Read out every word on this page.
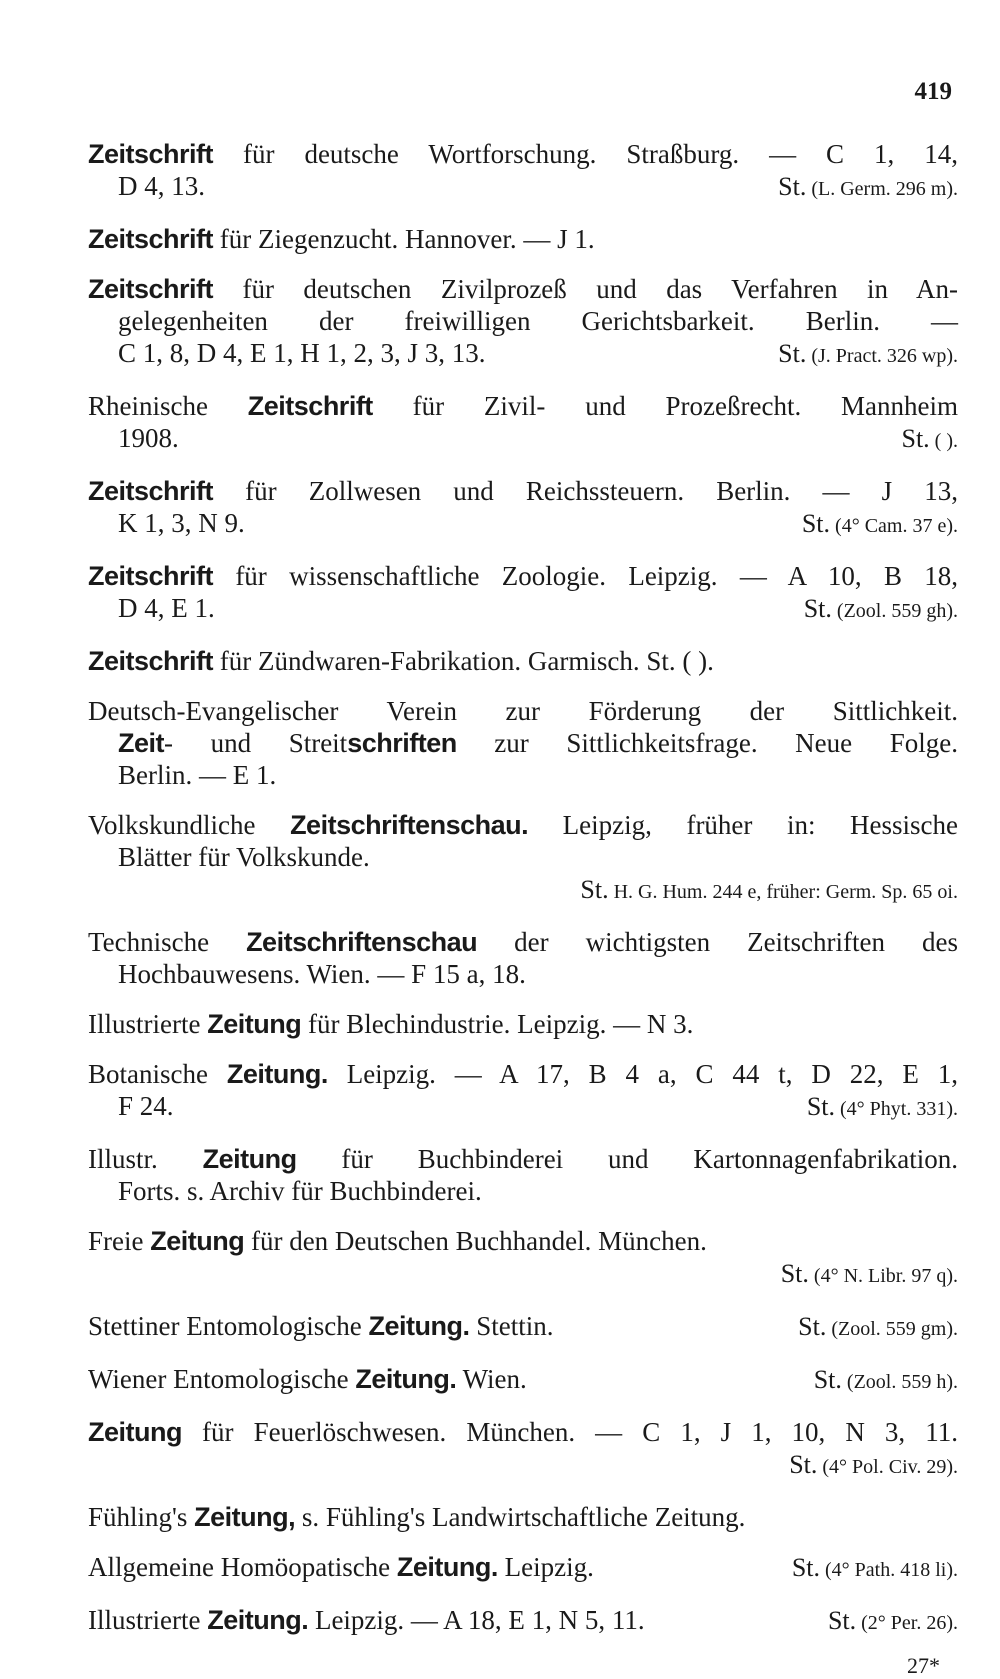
419
Zeitschrift für deutsche Wortforschung. Straßburg. — C 1, 14,
D 4, 13.	St. (L. Germ. 296 m).
Zeitschrift für Ziegenzucht. Hannover. — J 1.
Zeitschrift für deutschen Zivilprozeß und das Verfahren in An-
gelegenheiten der freiwilligen Gerichtsbarkeit. Berlin. —
C 1, 8, D 4, E 1, H 1, 2, 3, J 3, 13.	St. (J. Pract. 326 wp).
Rheinische Zeitschrift für Zivil- und Prozeßrecht. Mannheim
1908.	St. ( ).
Zeitschrift für Zollwesen und Reichssteuern. Berlin. — J 13,
K 1, 3, N 9.	St. (4° Cam. 37 e).
Zeitschrift für wissenschaftliche Zoologie. Leipzig. — A 10, B 18,
D 4, E 1.	St. (Zool. 559 gh).
Zeitschrift für Zündwaren-Fabrikation. Garmisch. St. ( ).
Deutsch-Evangelischer Verein zur Förderung der Sittlichkeit.
Zeit- und Streitschriften zur Sittlichkeitsfrage. Neue Folge.
Berlin. — E 1.
Volkskundliche Zeitschriftenschau. Leipzig, früher in: Hessische
Blätter für Volkskunde.
St. H. G. Hum. 244 e, früher: Germ. Sp. 65 oi.
Technische Zeitschriftenschau der wichtigsten Zeitschriften des
Hochbauwesens. Wien. — F 15 a, 18.
Illustrierte Zeitung für Blechindustrie. Leipzig. — N 3.
Botanische Zeitung. Leipzig. — A 17, B 4 a, C 44 t, D 22, E 1,
F 24.	St. (4° Phyt. 331).
Illustr. Zeitung für Buchbinderei und Kartonnagenfabrikation.
Forts. s. Archiv für Buchbinderei.
Freie Zeitung für den Deutschen Buchhandel. München.
St. (4° N. Libr. 97 q).
Stettiner Entomologische Zeitung. Stettin.	St. (Zool. 559 gm).
Wiener Entomologische Zeitung. Wien.	St. (Zool. 559 h).
Zeitung für Feuerlöschwesen. München. — C 1, J 1, 10, N 3, 11.
St. (4° Pol. Civ. 29).
Fühling's Zeitung, s. Fühling's Landwirtschaftliche Zeitung.
Allgemeine Homöopatische Zeitung. Leipzig.	St. (4° Path. 418 li).
Illustrierte Zeitung. Leipzig. — A 18, E 1, N 5, 11.	St. (2° Per. 26).
27*
